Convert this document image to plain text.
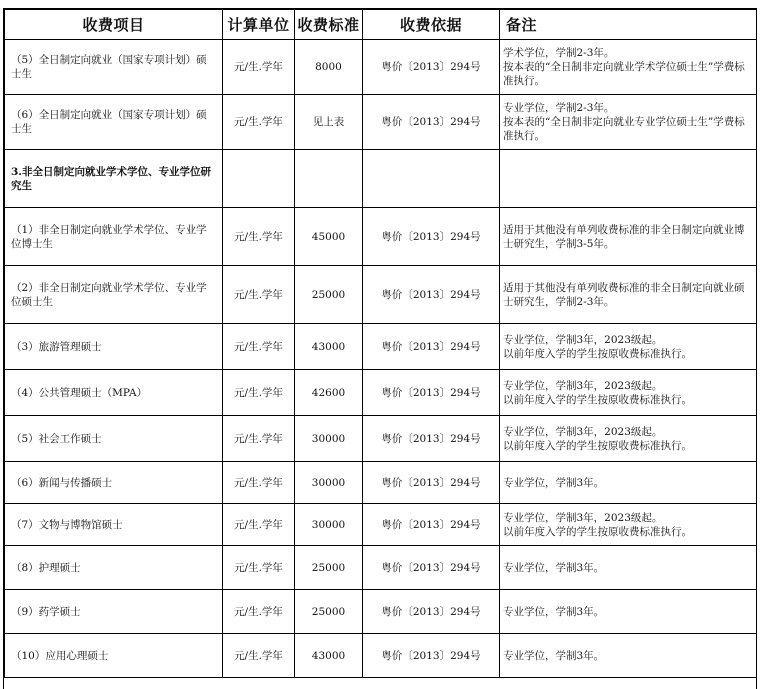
收费项目	计算单位	收费标准	收费依据	备注
（5）全日制定向就业（国家专项计划）硕士生	元/生.学年	8000	粤价〔2013〕294号	学术学位，学制2-3年。
按本表的“全日制非定向就业学术学位硕士生”学费标准执行。

（6）全日制定向就业（国家专项计划）硕士生	元/生.学年	见上表	粤价〔2013〕294号	专业学位，学制2-3年。
按本表的“全日制非定向就业专业学位硕士生”学费标准执行。

3.非全日制定向就业学术学位、专业学位研究生				
（1）非全日制定向就业学术学位、专业学位博士生	元/生.学年	45000	粤价〔2013〕294号	适用于其他没有单列收费标准的非全日制定向就业博士研究生，学制3-5年。

（2）非全日制定向就业学术学位、专业学位硕士生	元/生.学年	25000	粤价〔2013〕294号	适用于其他没有单列收费标准的非全日制定向就业硕士研究生，学制2-3年。

（3）旅游管理硕士	元/生.学年	43000	粤价〔2013〕294号	专业学位，学制3年，2023级起。
以前年度入学的学生按原收费标准执行。

（4）公共管理硕士（MPA）	元/生.学年	42600	粤价〔2013〕294号	专业学位，学制3年，2023级起。
以前年度入学的学生按原收费标准执行。

（5）社会工作硕士	元/生.学年	30000	粤价〔2013〕294号	专业学位，学制3年，2023级起。
以前年度入学的学生按原收费标准执行。

（6）新闻与传播硕士	元/生.学年	30000	粤价〔2013〕294号	专业学位，学制3年。

（7）文物与博物馆硕士	元/生.学年	30000	粤价〔2013〕294号	专业学位，学制3年，2023级起。
以前年度入学的学生按原收费标准执行。

（8）护理硕士	元/生.学年	25000	粤价〔2013〕294号	专业学位，学制3年。

（9）药学硕士	元/生.学年	25000	粤价〔2013〕294号	专业学位，学制3年。

（10）应用心理硕士	元/生.学年	43000	粤价〔2013〕294号	专业学位，学制3年。
